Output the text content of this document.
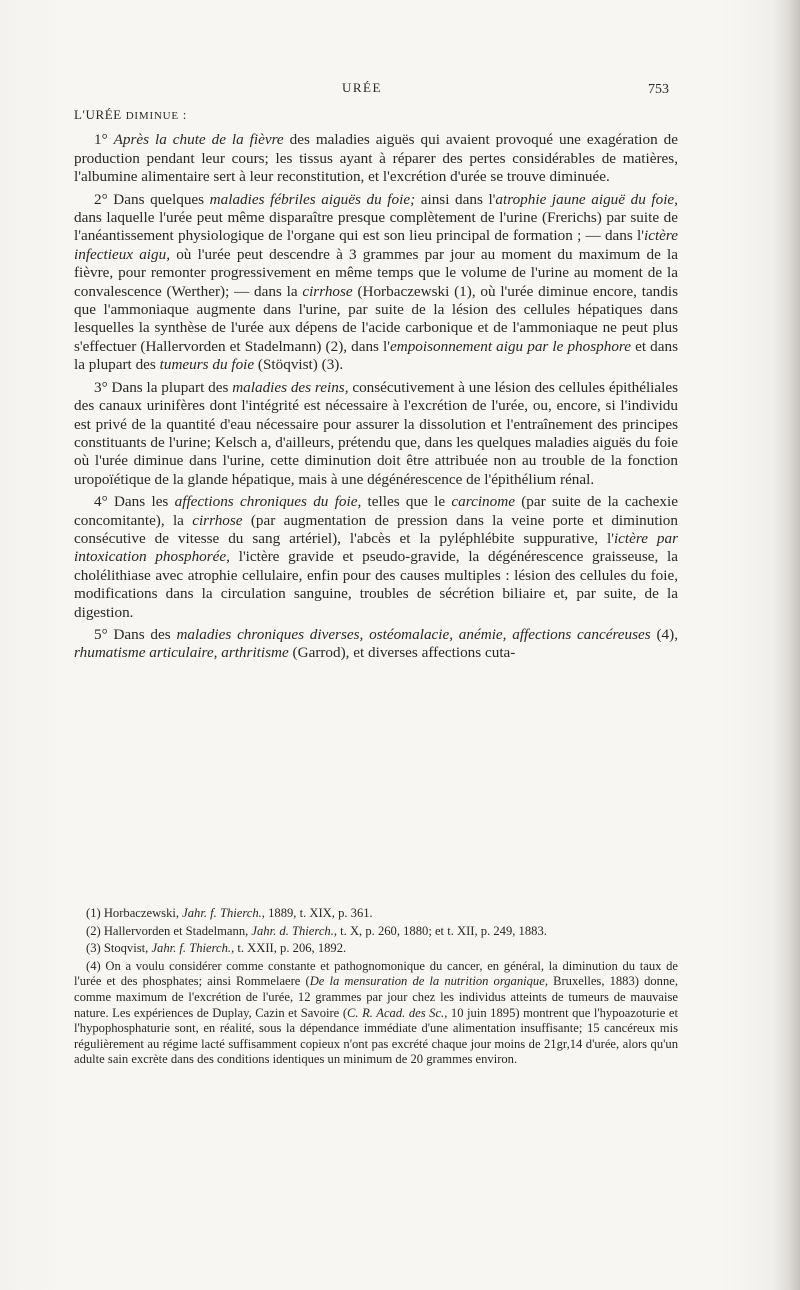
URÉE	753

L'URÉE DIMINUE :

1° Après la chute de la fièvre des maladies aiguës qui avaient provoqué une exagération de production pendant leur cours; les tissus ayant à réparer des pertes considérables de matières, l'albumine alimentaire sert à leur reconstitution, et l'excrétion d'urée se trouve diminuée.

2° Dans quelques maladies fébriles aiguës du foie; ainsi dans l'atrophie jaune aiguë du foie, dans laquelle l'urée peut même disparaître presque complètement de l'urine (Frerichs) par suite de l'anéantissement physiologique de l'organe qui est son lieu principal de formation ; — dans l'ictère infectieux aigu, où l'urée peut descendre à 3 grammes par jour au moment du maximum de la fièvre, pour remonter progressivement en même temps que le volume de l'urine au moment de la convalescence (Werther); — dans la cirrhose (Horbaczewski (1), où l'urée diminue encore, tandis que l'ammoniaque augmente dans l'urine, par suite de la lésion des cellules hépatiques dans lesquelles la synthèse de l'urée aux dépens de l'acide carbonique et de l'ammoniaque ne peut plus s'effectuer (Hallervorden et Stadelmann) (2), dans l'empoisonnement aigu par le phosphore et dans la plupart des tumeurs du foie (Stöqvist) (3).

3° Dans la plupart des maladies des reins, consécutivement à une lésion des cellules épithéliales des canaux urinifères dont l'intégrité est nécessaire à l'excrétion de l'urée, ou, encore, si l'individu est privé de la quantité d'eau nécessaire pour assurer la dissolution et l'entraînement des principes constituants de l'urine; Kelsch a, d'ailleurs, prétendu que, dans les quelques maladies aiguës du foie où l'urée diminue dans l'urine, cette diminution doit être attribuée non au trouble de la fonction uropoïétique de la glande hépatique, mais à une dégénérescence de l'épithélium rénal.

4° Dans les affections chroniques du foie, telles que le carcinome (par suite de la cachexie concomitante), la cirrhose (par augmentation de pression dans la veine porte et diminution consécutive de vitesse du sang artériel), l'abcès et la pyléphlébite suppurative, l'ictère par intoxication phosphorée, l'ictère gravide et pseudo-gravide, la dégénérescence graisseuse, la cholélithiase avec atrophie cellulaire, enfin pour des causes multiples : lésion des cellules du foie, modifications dans la circulation sanguine, troubles de sécrétion biliaire et, par suite, de la digestion.

5° Dans des maladies chroniques diverses, ostéomalacie, anémie, affections cancéreuses (4), rhumatisme articulaire, arthritisme (Garrod), et diverses affections cuta-

(1) Horbaczewski, Jahr. f. Thierch., 1889, t. XIX, p. 361.

(2) Hallervorden et Stadelmann, Jahr. d. Thierch., t. X, p. 260, 1880; et t. XII, p. 249, 1883.

(3) Stoqvist, Jahr. f. Thierch., t. XXII, p. 206, 1892.

(4) On a voulu considérer comme constante et pathognomonique du cancer, en général, la diminution du taux de l'urée et des phosphates; ainsi Rommelaere (De la mensuration de la nutrition organique, Bruxelles, 1883) donne, comme maximum de l'excrétion de l'urée, 12 grammes par jour chez les individus atteints de tumeurs de mauvaise nature. Les expériences de Duplay, Cazin et Savoire (C. R. Acad. des Sc., 10 juin 1895) montrent que l'hypoazoturie et l'hypophosphaturie sont, en réalité, sous la dépendance immédiate d'une alimentation insuffisante; 15 cancéreux mis régulièrement au régime lacté suffisamment copieux n'ont pas excrété chaque jour moins de 21gr,14 d'urée, alors qu'un adulte sain excrète dans des conditions identiques un minimum de 20 grammes environ.
